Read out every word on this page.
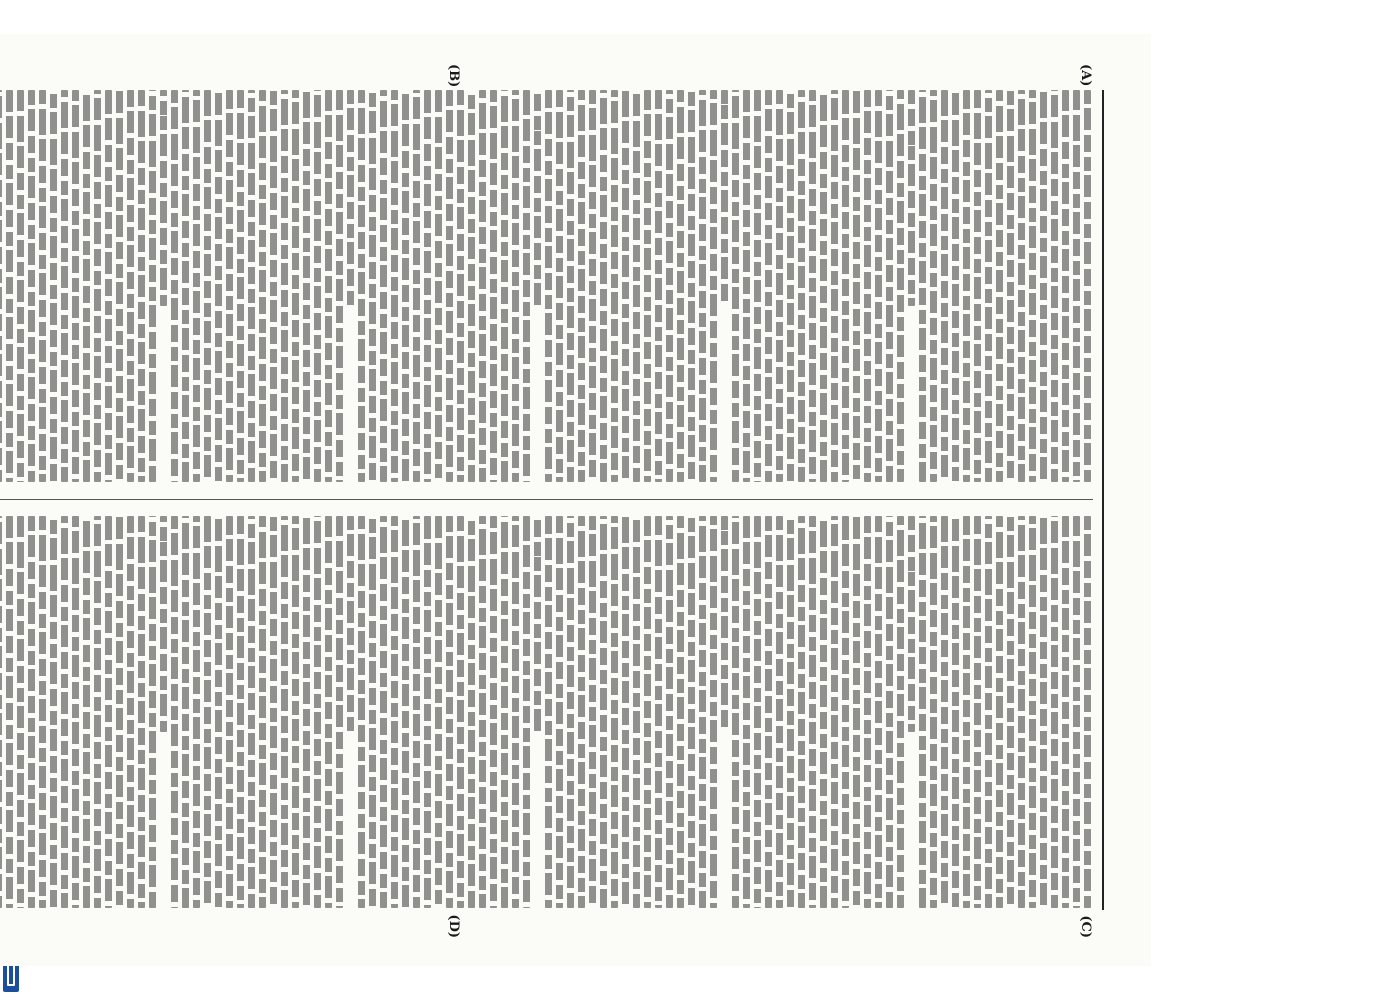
(A)
(B)
(C)
(D)
